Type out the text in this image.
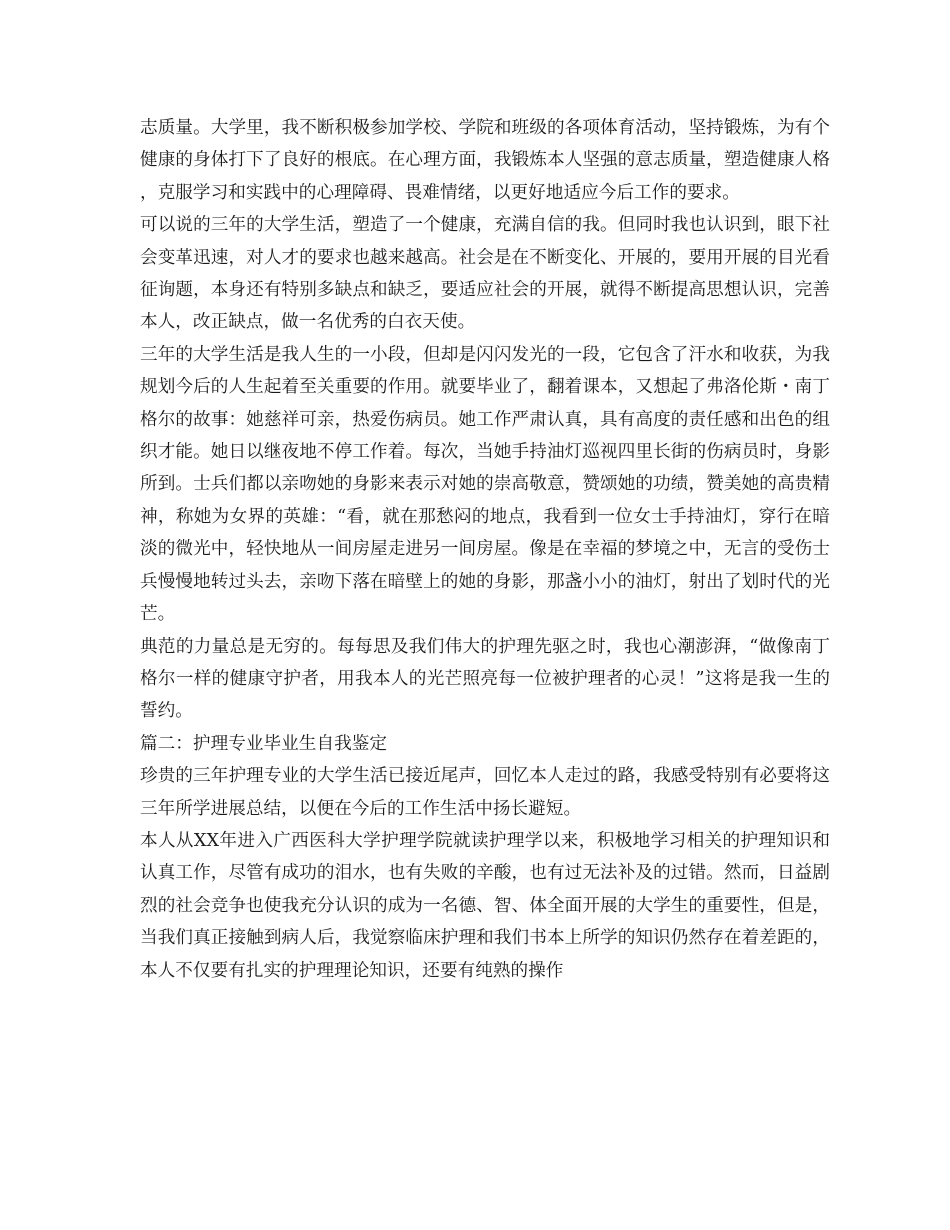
志质量。大学里，我不断积极参加学校、学院和班级的各项体育活动，坚持锻炼，为有个健康的身体打下了良好的根底。在心理方面，我锻炼本人坚强的意志质量，塑造健康人格，克服学习和实践中的心理障碍、畏难情绪，以更好地适应今后工作的要求。

可以说的三年的大学生活，塑造了一个健康，充满自信的我。但同时我也认识到，眼下社会变革迅速，对人才的要求也越来越高。社会是在不断变化、开展的，要用开展的目光看征询题，本身还有特别多缺点和缺乏，要适应社会的开展，就得不断提高思想认识，完善本人，改正缺点，做一名优秀的白衣天使。

三年的大学生活是我人生的一小段，但却是闪闪发光的一段，它包含了汗水和收获，为我规划今后的人生起着至关重要的作用。就要毕业了，翻着课本，又想起了弗洛伦斯・南丁格尔的故事：她慈祥可亲，热爱伤病员。她工作严肃认真，具有高度的责任感和出色的组织才能。她日以继夜地不停工作着。每次，当她手持油灯巡视四里长街的伤病员时，身影所到。士兵们都以亲吻她的身影来表示对她的崇高敬意，赞颂她的功绩，赞美她的高贵精神，称她为女界的英雄：“看，就在那愁闷的地点，我看到一位女士手持油灯，穿行在暗淡的微光中，轻快地从一间房屋走进另一间房屋。像是在幸福的梦境之中，无言的受伤士兵慢慢地转过头去，亲吻下落在暗壁上的她的身影，那盏小小的油灯，射出了划时代的光芒。

典范的力量总是无穷的。每每思及我们伟大的护理先驱之时，我也心潮澎湃，“做像南丁格尔一样的健康守护者，用我本人的光芒照亮每一位被护理者的心灵！”这将是我一生的誓约。

篇二：护理专业毕业生自我鉴定

珍贵的三年护理专业的大学生活已接近尾声，回忆本人走过的路，我感受特别有必要将这三年所学进展总结，以便在今后的工作生活中扬长避短。

本人从XX年进入广西医科大学护理学院就读护理学以来，积极地学习相关的护理知识和认真工作，尽管有成功的泪水，也有失败的辛酸，也有过无法补及的过错。然而，日益剧烈的社会竞争也使我充分认识的成为一名德、智、体全面开展的大学生的重要性，但是，当我们真正接触到病人后，我觉察临床护理和我们书本上所学的知识仍然存在着差距的，本人不仅要有扎实的护理理论知识，还要有纯熟的操作
